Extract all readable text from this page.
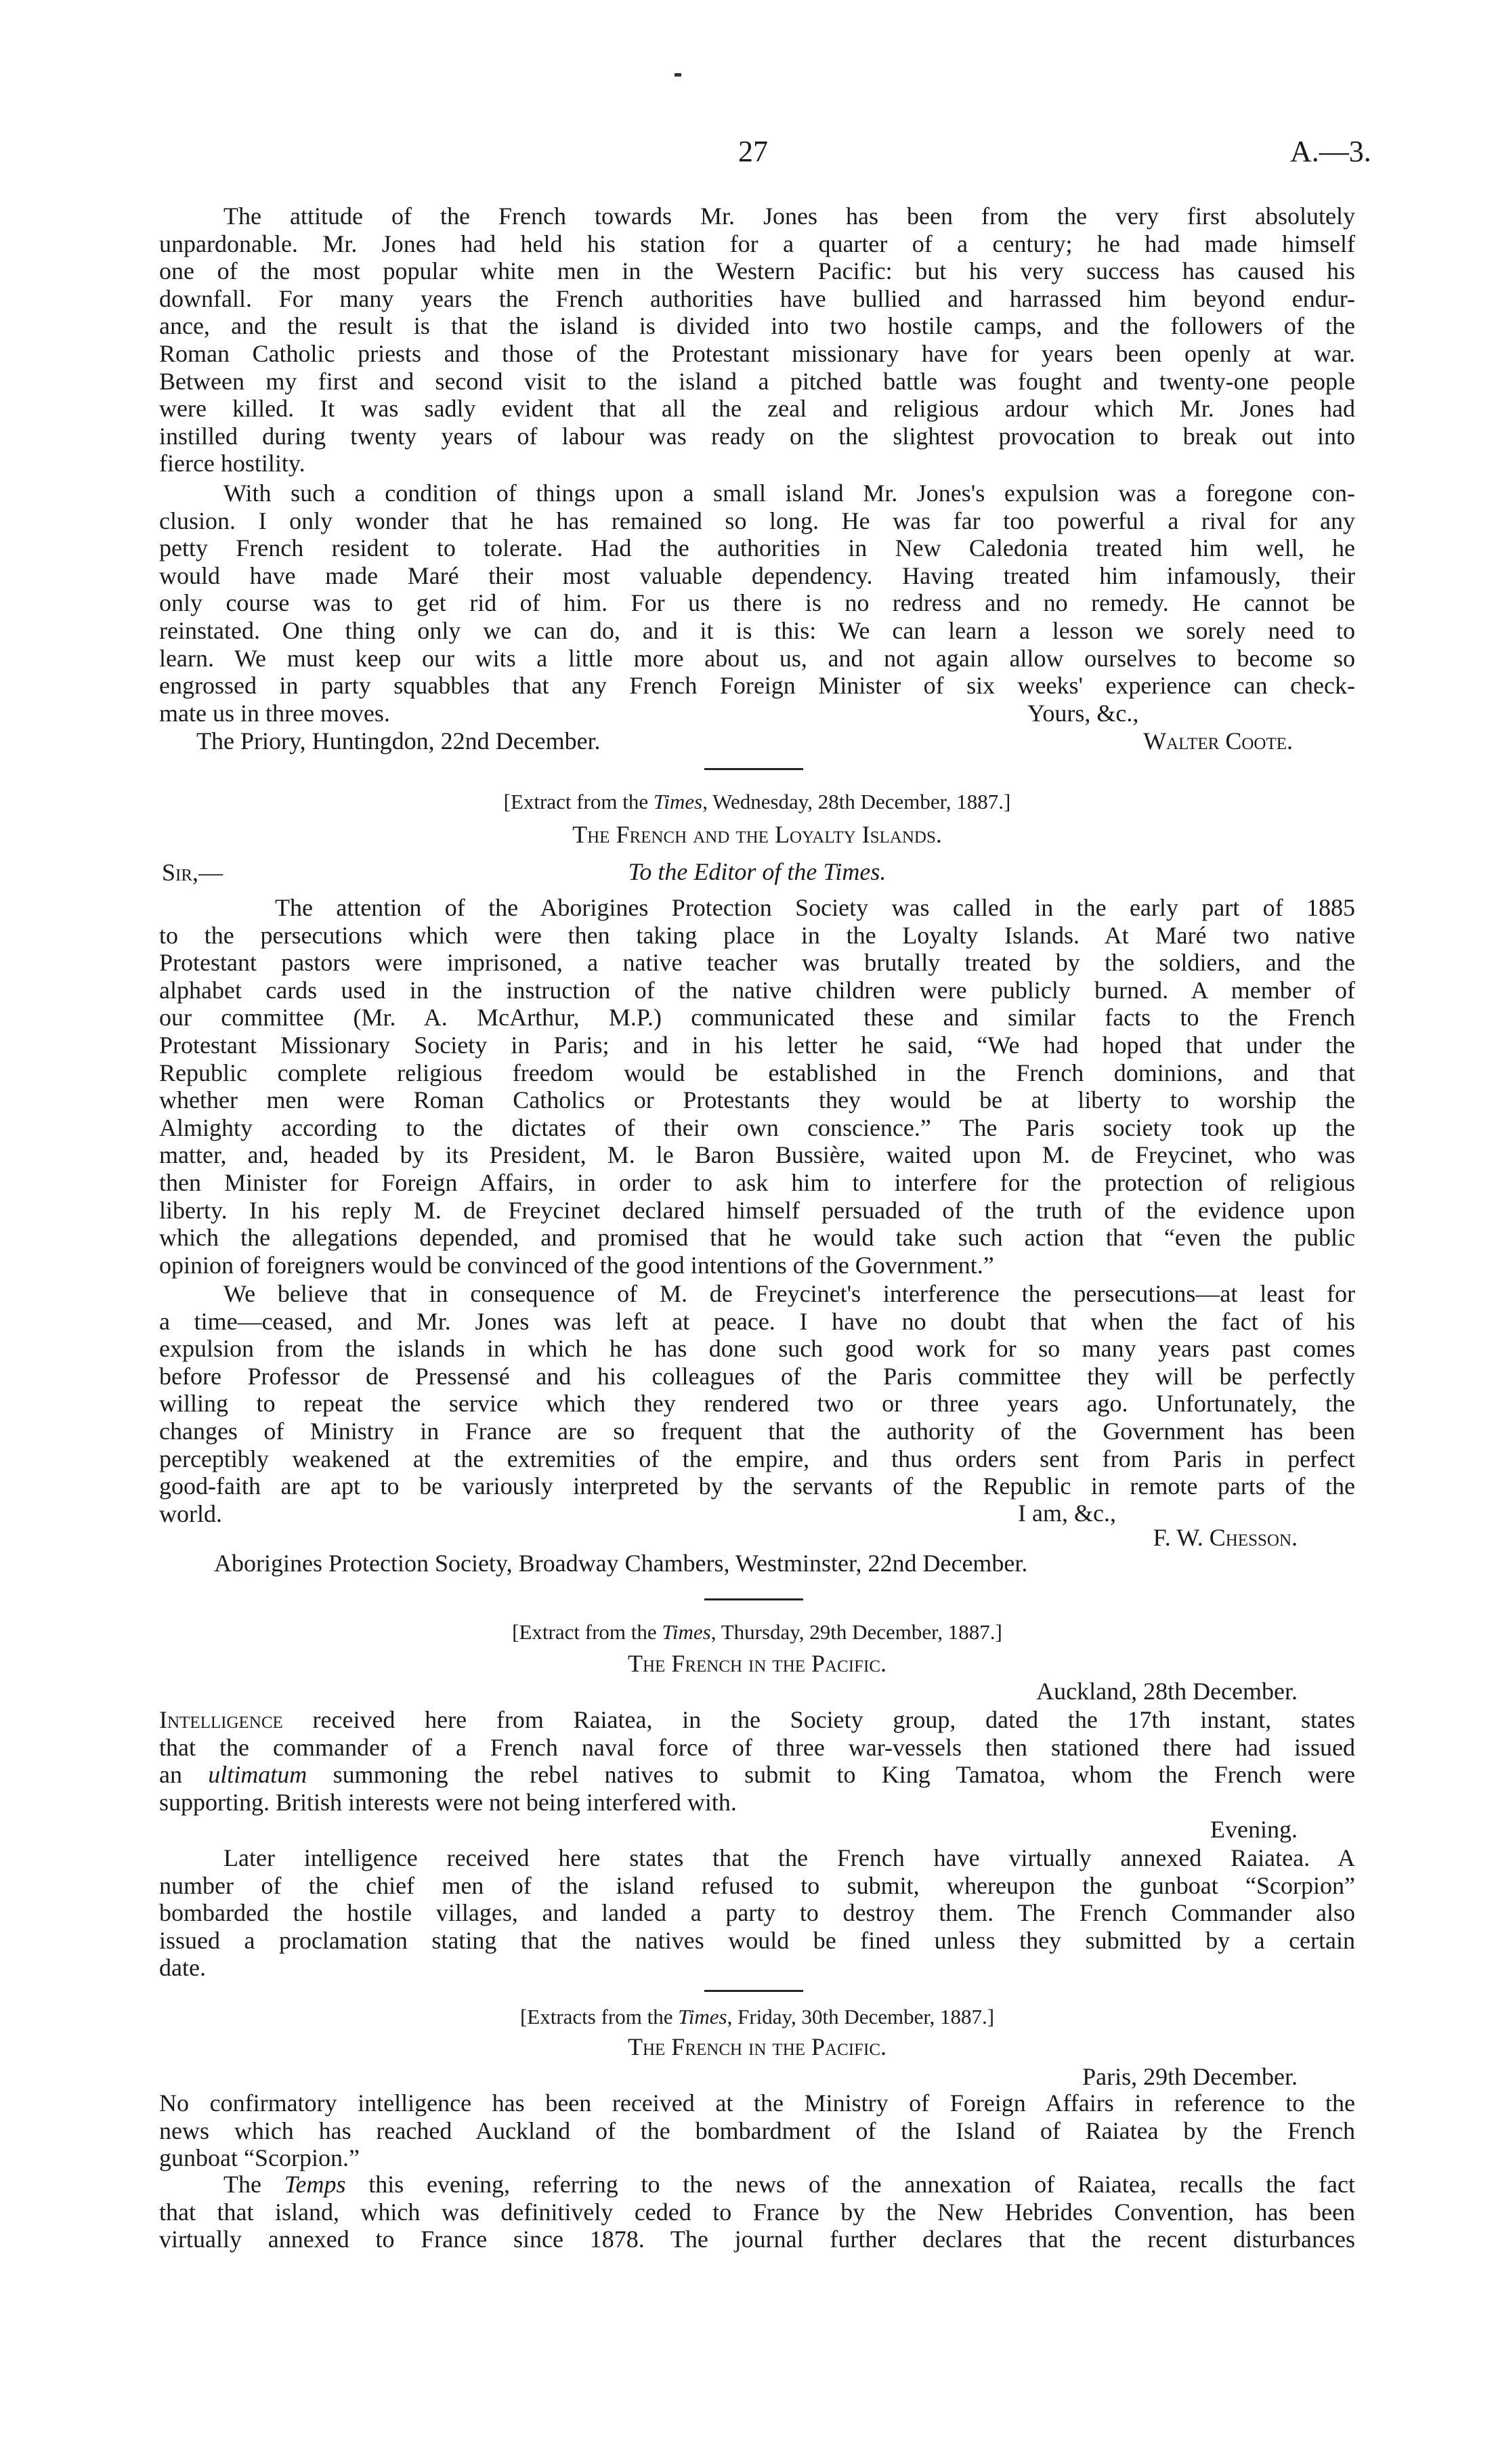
27	A.—3.
The attitude of the French towards Mr. Jones has been from the very first absolutely
unpardonable. Mr. Jones had held his station for a quarter of a century; he had made himself
one of the most popular white men in the Western Pacific: but his very success has caused his
downfall. For many years the French authorities have bullied and harrassed him beyond endur-
ance, and the result is that the island is divided into two hostile camps, and the followers of the
Roman Catholic priests and those of the Protestant missionary have for years been openly at war.
Between my first and second visit to the island a pitched battle was fought and twenty-one people
were killed. It was sadly evident that all the zeal and religious ardour which Mr. Jones had
instilled during twenty years of labour was ready on the slightest provocation to break out into
fierce hostility.
With such a condition of things upon a small island Mr. Jones's expulsion was a foregone con-
clusion. I only wonder that he has remained so long. He was far too powerful a rival for any
petty French resident to tolerate. Had the authorities in New Caledonia treated him well, he
would have made Maré their most valuable dependency. Having treated him infamously, their
only course was to get rid of him. For us there is no redress and no remedy. He cannot be
reinstated. One thing only we can do, and it is this: We can learn a lesson we sorely need to
learn. We must keep our wits a little more about us, and not again allow ourselves to become so
engrossed in party squabbles that any French Foreign Minister of six weeks' experience can check-
mate us in three moves.	Yours, &c.,
The Priory, Huntingdon, 22nd December.	Walter Coote.
[Extract from the Times, Wednesday, 28th December, 1887.]
The French and the Loyalty Islands.
Sir,—	To the Editor of the Times.
The attention of the Aborigines Protection Society was called in the early part of 1885
to the persecutions which were then taking place in the Loyalty Islands. At Maré two native
Protestant pastors were imprisoned, a native teacher was brutally treated by the soldiers, and the
alphabet cards used in the instruction of the native children were publicly burned. A member of
our committee (Mr. A. McArthur, M.P.) communicated these and similar facts to the French
Protestant Missionary Society in Paris; and in his letter he said, “We had hoped that under the
Republic complete religious freedom would be established in the French dominions, and that
whether men were Roman Catholics or Protestants they would be at liberty to worship the
Almighty according to the dictates of their own conscience.” The Paris society took up the
matter, and, headed by its President, M. le Baron Bussière, waited upon M. de Freycinet, who was
then Minister for Foreign Affairs, in order to ask him to interfere for the protection of religious
liberty. In his reply M. de Freycinet declared himself persuaded of the truth of the evidence upon
which the allegations depended, and promised that he would take such action that “even the public
opinion of foreigners would be convinced of the good intentions of the Government.”
We believe that in consequence of M. de Freycinet's interference the persecutions—at least for
a time—ceased, and Mr. Jones was left at peace. I have no doubt that when the fact of his
expulsion from the islands in which he has done such good work for so many years past comes
before Professor de Pressensé and his colleagues of the Paris committee they will be perfectly
willing to repeat the service which they rendered two or three years ago. Unfortunately, the
changes of Ministry in France are so frequent that the authority of the Government has been
perceptibly weakened at the extremities of the empire, and thus orders sent from Paris in perfect
good-faith are apt to be variously interpreted by the servants of the Republic in remote parts of the
world.	I am, &c.,
F. W. Chesson.
Aborigines Protection Society, Broadway Chambers, Westminster, 22nd December.
[Extract from the Times, Thursday, 29th December, 1887.]
The French in the Pacific.
Auckland, 28th December.
Intelligence received here from Raiatea, in the Society group, dated the 17th instant, states
that the commander of a French naval force of three war-vessels then stationed there had issued
an ultimatum summoning the rebel natives to submit to King Tamatoa, whom the French were
supporting. British interests were not being interfered with.
Evening.
Later intelligence received here states that the French have virtually annexed Raiatea. A
number of the chief men of the island refused to submit, whereupon the gunboat “Scorpion”
bombarded the hostile villages, and landed a party to destroy them. The French Commander also
issued a proclamation stating that the natives would be fined unless they submitted by a certain
date.
[Extracts from the Times, Friday, 30th December, 1887.]
The French in the Pacific.
Paris, 29th December.
No confirmatory intelligence has been received at the Ministry of Foreign Affairs in reference to the
news which has reached Auckland of the bombardment of the Island of Raiatea by the French
gunboat “Scorpion.”
The Temps this evening, referring to the news of the annexation of Raiatea, recalls the fact
that that island, which was definitively ceded to France by the New Hebrides Convention, has been
virtually annexed to France since 1878. The journal further declares that the recent disturbances
